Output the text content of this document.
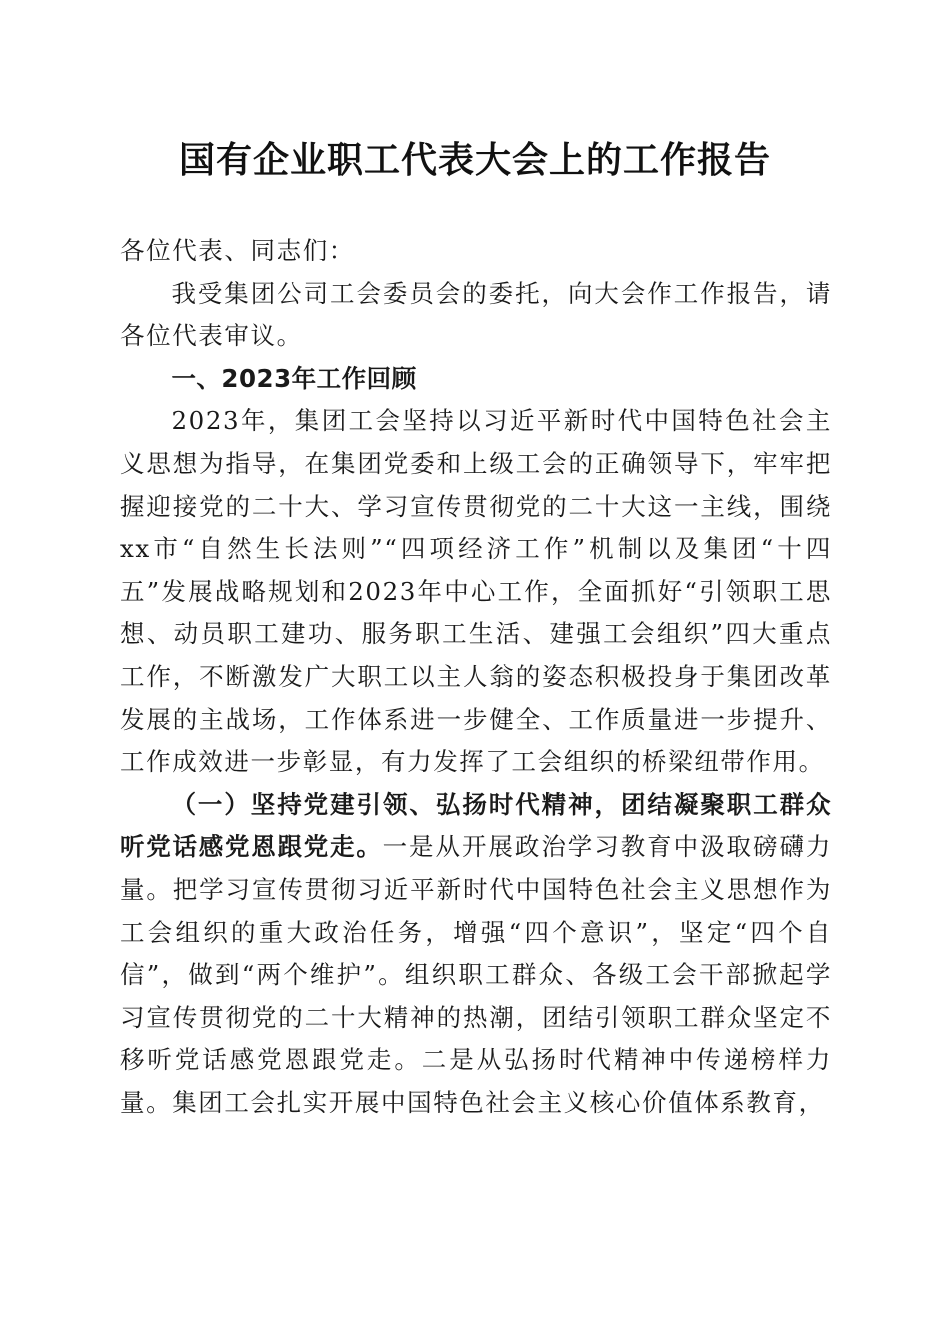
国有企业职工代表大会上的工作报告

各位代表、同志们：

我受集团公司工会委员会的委托，向大会作工作报告，请各位代表审议。

一、2023年工作回顾

2023年，集团工会坚持以习近平新时代中国特色社会主义思想为指导，在集团党委和上级工会的正确领导下，牢牢把握迎接党的二十大、学习宣传贯彻党的二十大这一主线，围绕xx市“自然生长法则”“四项经济工作”机制以及集团“十四五”发展战略规划和2023年中心工作，全面抓好“引领职工思想、动员职工建功、服务职工生活、建强工会组织”四大重点工作，不断激发广大职工以主人翁的姿态积极投身于集团改革发展的主战场，工作体系进一步健全、工作质量进一步提升、工作成效进一步彰显，有力发挥了工会组织的桥梁纽带作用。

（一）坚持党建引领、弘扬时代精神，团结凝聚职工群众听党话感党恩跟党走。一是从开展政治学习教育中汲取磅礴力量。把学习宣传贯彻习近平新时代中国特色社会主义思想作为工会组织的重大政治任务，增强“四个意识”，坚定“四个自信”，做到“两个维护”。组织职工群众、各级工会干部掀起学习宣传贯彻党的二十大精神的热潮，团结引领职工群众坚定不移听党话感党恩跟党走。二是从弘扬时代精神中传递榜样力量。集团工会扎实开展中国特色社会主义核心价值体系教育，
